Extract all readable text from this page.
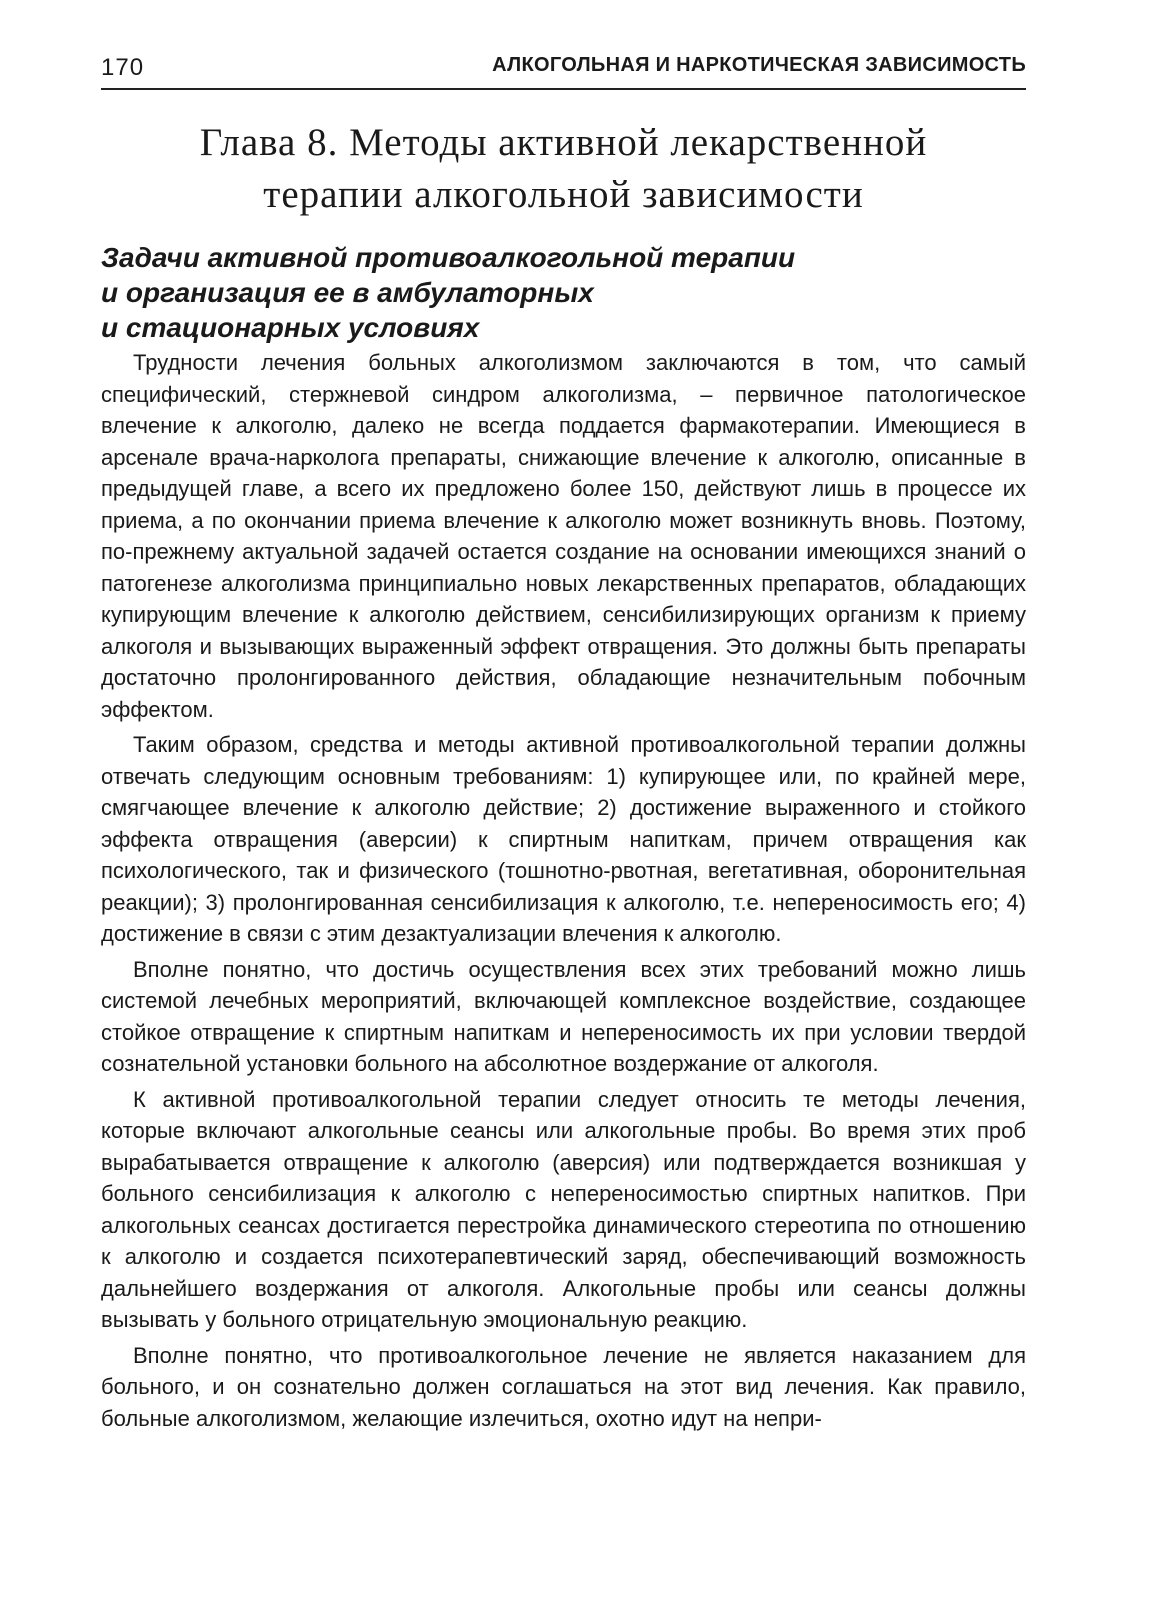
170	АЛКОГОЛЬНАЯ И НАРКОТИЧЕСКАЯ ЗАВИСИМОСТЬ
Глава 8. Методы активной лекарственной
терапии алкогольной зависимости
Задачи активной противоалкогольной терапии
и организация ее в амбулаторных
и стационарных условиях

Трудности лечения больных алкоголизмом заключаются в том, что самый специфический, стержневой синдром алкоголизма, – первичное патологическое влечение к алкоголю, далеко не всегда поддается фармакотерапии. Имеющиеся в арсенале врача-нарколога препараты, снижающие влечение к алкоголю, описанные в предыдущей главе, а всего их предложено более 150, действуют лишь в процессе их приема, а по окончании приема влечение к алкоголю может возникнуть вновь. Поэтому, по-прежнему актуальной задачей остается создание на основании имеющихся знаний о патогенезе алкоголизма принципиально новых лекарственных препаратов, обладающих купирующим влечение к алкоголю действием, сенсибилизирующих организм к приему алкоголя и вызывающих выраженный эффект отвращения. Это должны быть препараты достаточно пролонгированного действия, обладающие незначительным побочным эффектом.

Таким образом, средства и методы активной противоалкогольной терапии должны отвечать следующим основным требованиям: 1) купирующее или, по крайней мере, смягчающее влечение к алкоголю действие; 2) достижение выраженного и стойкого эффекта отвращения (аверсии) к спиртным напиткам, причем отвращения как психологического, так и физического (тошнотно-рвотная, вегетативная, оборонительная реакции); 3) пролонгированная сенсибилизация к алкоголю, т.е. непереносимость его; 4) достижение в связи с этим дезактуализации влечения к алкоголю.

Вполне понятно, что достичь осуществления всех этих требований можно лишь системой лечебных мероприятий, включающей комплексное воздействие, создающее стойкое отвращение к спиртным напиткам и непереносимость их при условии твердой сознательной установки больного на абсолютное воздержание от алкоголя.

К активной противоалкогольной терапии следует относить те методы лечения, которые включают алкогольные сеансы или алкогольные пробы. Во время этих проб вырабатывается отвращение к алкоголю (аверсия) или подтверждается возникшая у больного сенсибилизация к алкоголю с непереносимостью спиртных напитков. При алкогольных сеансах достигается перестройка динамического стереотипа по отношению к алкоголю и создается психотерапевтический заряд, обеспечивающий возможность дальнейшего воздержания от алкоголя. Алкогольные пробы или сеансы должны вызывать у больного отрицательную эмоциональную реакцию.

Вполне понятно, что противоалкогольное лечение не является наказанием для больного, и он сознательно должен соглашаться на этот вид лечения. Как правило, больные алкоголизмом, желающие излечиться, охотно идут на непри-
